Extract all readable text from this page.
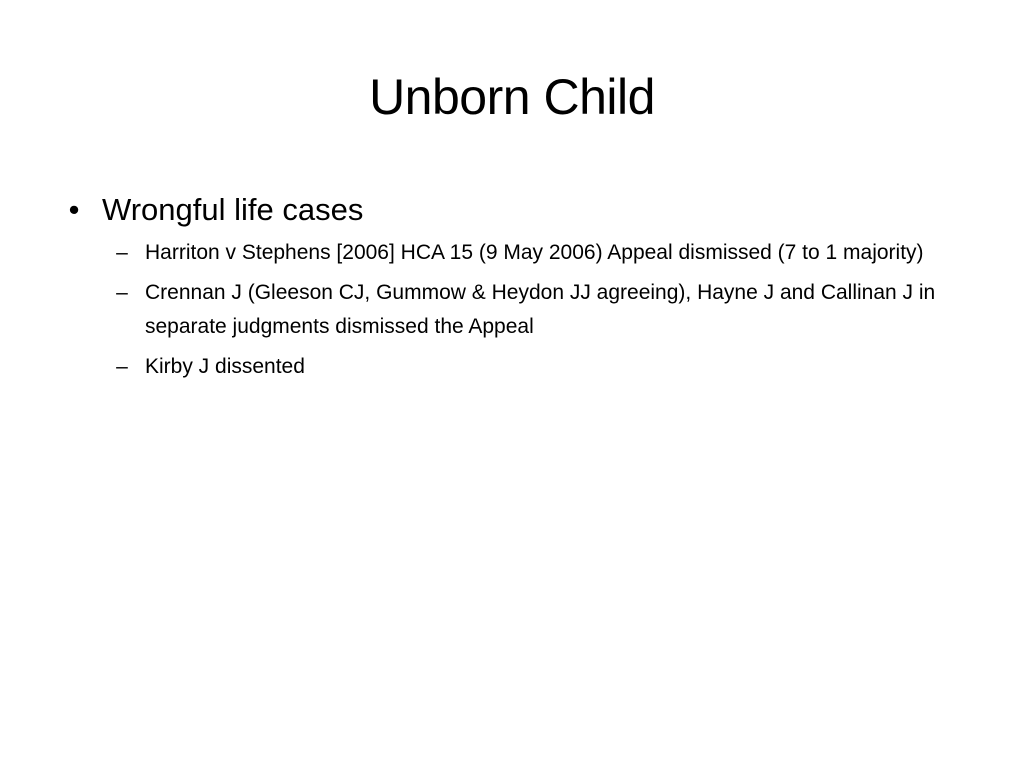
Unborn Child
• Wrongful life cases
– Harriton v Stephens [2006] HCA 15 (9 May 2006) Appeal dismissed (7 to 1 majority)
– Crennan J (Gleeson CJ, Gummow & Heydon JJ agreeing), Hayne J and Callinan J in separate judgments dismissed the Appeal
– Kirby J dissented
